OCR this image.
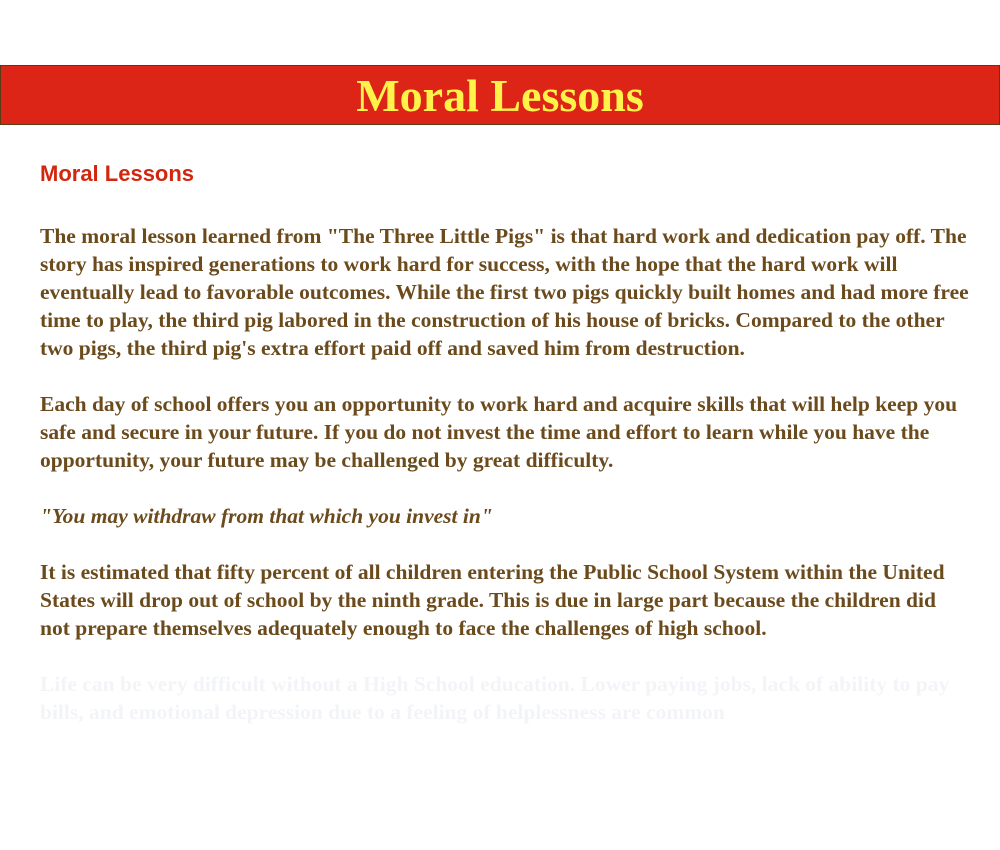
Moral Lessons
Moral Lessons

The moral lesson learned from "The Three Little Pigs" is that hard work and dedication pay off. The story has inspired generations to work hard for success, with the hope that the hard work will eventually lead to favorable outcomes. While the first two pigs quickly built homes and had more free time to play, the third pig labored in the construction of his house of bricks. Compared to the other two pigs, the third pig's extra effort paid off and saved him from destruction.

Each day of school offers you an opportunity to work hard and acquire skills that will help keep you safe and secure in your future. If you do not invest the time and effort to learn while you have the opportunity, your future may be challenged by great difficulty.

"You may withdraw from that which you invest in"

It is estimated that fifty percent of all children entering the Public School System within the United States will drop out of school by the ninth grade. This is due in large part because the children did not prepare themselves adequately enough to face the challenges of high school.

Life can be very difficult without a High School education. Lower paying jobs, lack of ability to pay bills, and emotional depression due to a feeling of helplessness are common
